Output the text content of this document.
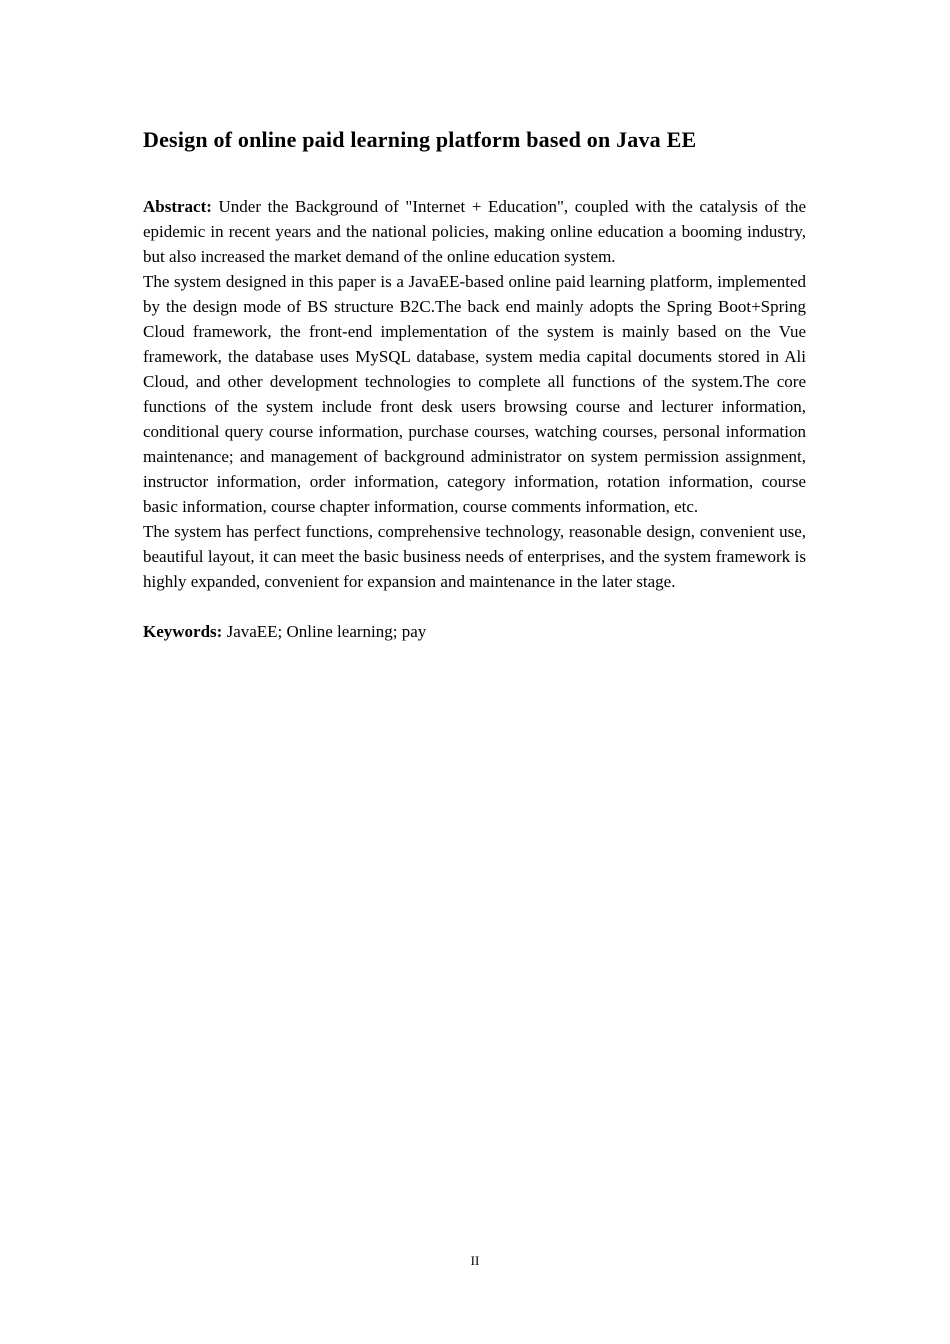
Design of online paid learning platform based on Java EE

Abstract: Under the Background of "Internet + Education", coupled with the catalysis of the epidemic in recent years and the national policies, making online education a booming industry, but also increased the market demand of the online education system.

The system designed in this paper is a JavaEE-based online paid learning platform, implemented by the design mode of BS structure B2C.The back end mainly adopts the Spring Boot+Spring Cloud framework, the front-end implementation of the system is mainly based on the Vue framework, the database uses MySQL database, system media capital documents stored in Ali Cloud, and other development technologies to complete all functions of the system.The core functions of the system include front desk users browsing course and lecturer information, conditional query course information, purchase courses, watching courses, personal information maintenance; and management of background administrator on system permission assignment, instructor information, order information, category information, rotation information, course basic information, course chapter information, course comments information, etc.

The system has perfect functions, comprehensive technology, reasonable design, convenient use, beautiful layout, it can meet the basic business needs of enterprises, and the system framework is highly expanded, convenient for expansion and maintenance in the later stage.

Keywords: JavaEE; Online learning; pay

II
